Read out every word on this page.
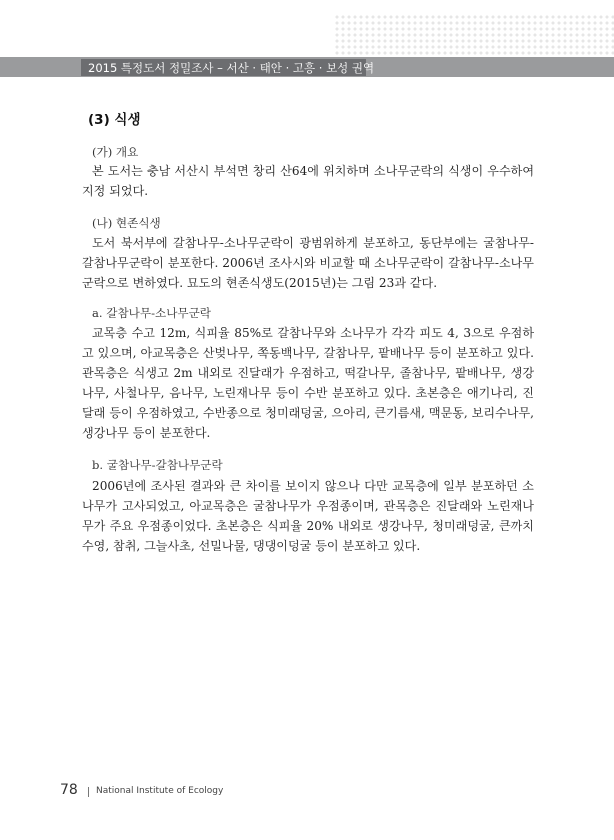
2015 특정도서 정밀조사 – 서산 · 태안 · 고흥 · 보성 권역
(3) 식생
(가) 개요

본 도서는 충남 서산시 부석면 창리 산64에 위치하며 소나무군락의 식생이 우수하여 지정 되었다.

(나) 현존식생

도서 북서부에 갈참나무-소나무군락이 광범위하게 분포하고, 동단부에는 굴참나무-갈참나무군락이 분포한다. 2006년 조사시와 비교할 때 소나무군락이 갈참나무-소나무군락으로 변하였다. 묘도의 현존식생도(2015년)는 그림 23과 같다.

a. 갈참나무-소나무군락

교목층 수고 12m, 식피율 85%로 갈참나무와 소나무가 각각 피도 4, 3으로 우점하고 있으며, 아교목층은 산벚나무, 쪽동백나무, 갈참나무, 팥배나무 등이 분포하고 있다. 관목층은 식생고 2m 내외로 진달래가 우점하고, 떡갈나무, 졸참나무, 팥배나무, 생강나무, 사철나무, 음나무, 노린재나무 등이 수반 분포하고 있다. 초본층은 애기나리, 진달래 등이 우점하였고, 수반종으로 청미래덩굴, 으아리, 큰기름새, 맥문동, 보리수나무, 생강나무 등이 분포한다.

b. 굴참나무-갈참나무군락

2006년에 조사된 결과와 큰 차이를 보이지 않으나 다만 교목층에 일부 분포하던 소나무가 고사되었고, 아교목층은 굴참나무가 우점종이며, 관목층은 진달래와 노린재나무가 주요 우점종이었다. 초본층은 식피율 20% 내외로 생강나무, 청미래덩굴, 큰까치수영, 참취, 그늘사초, 선밀나물, 댕댕이덩굴 등이 분포하고 있다.

78 National Institute of Ecology
